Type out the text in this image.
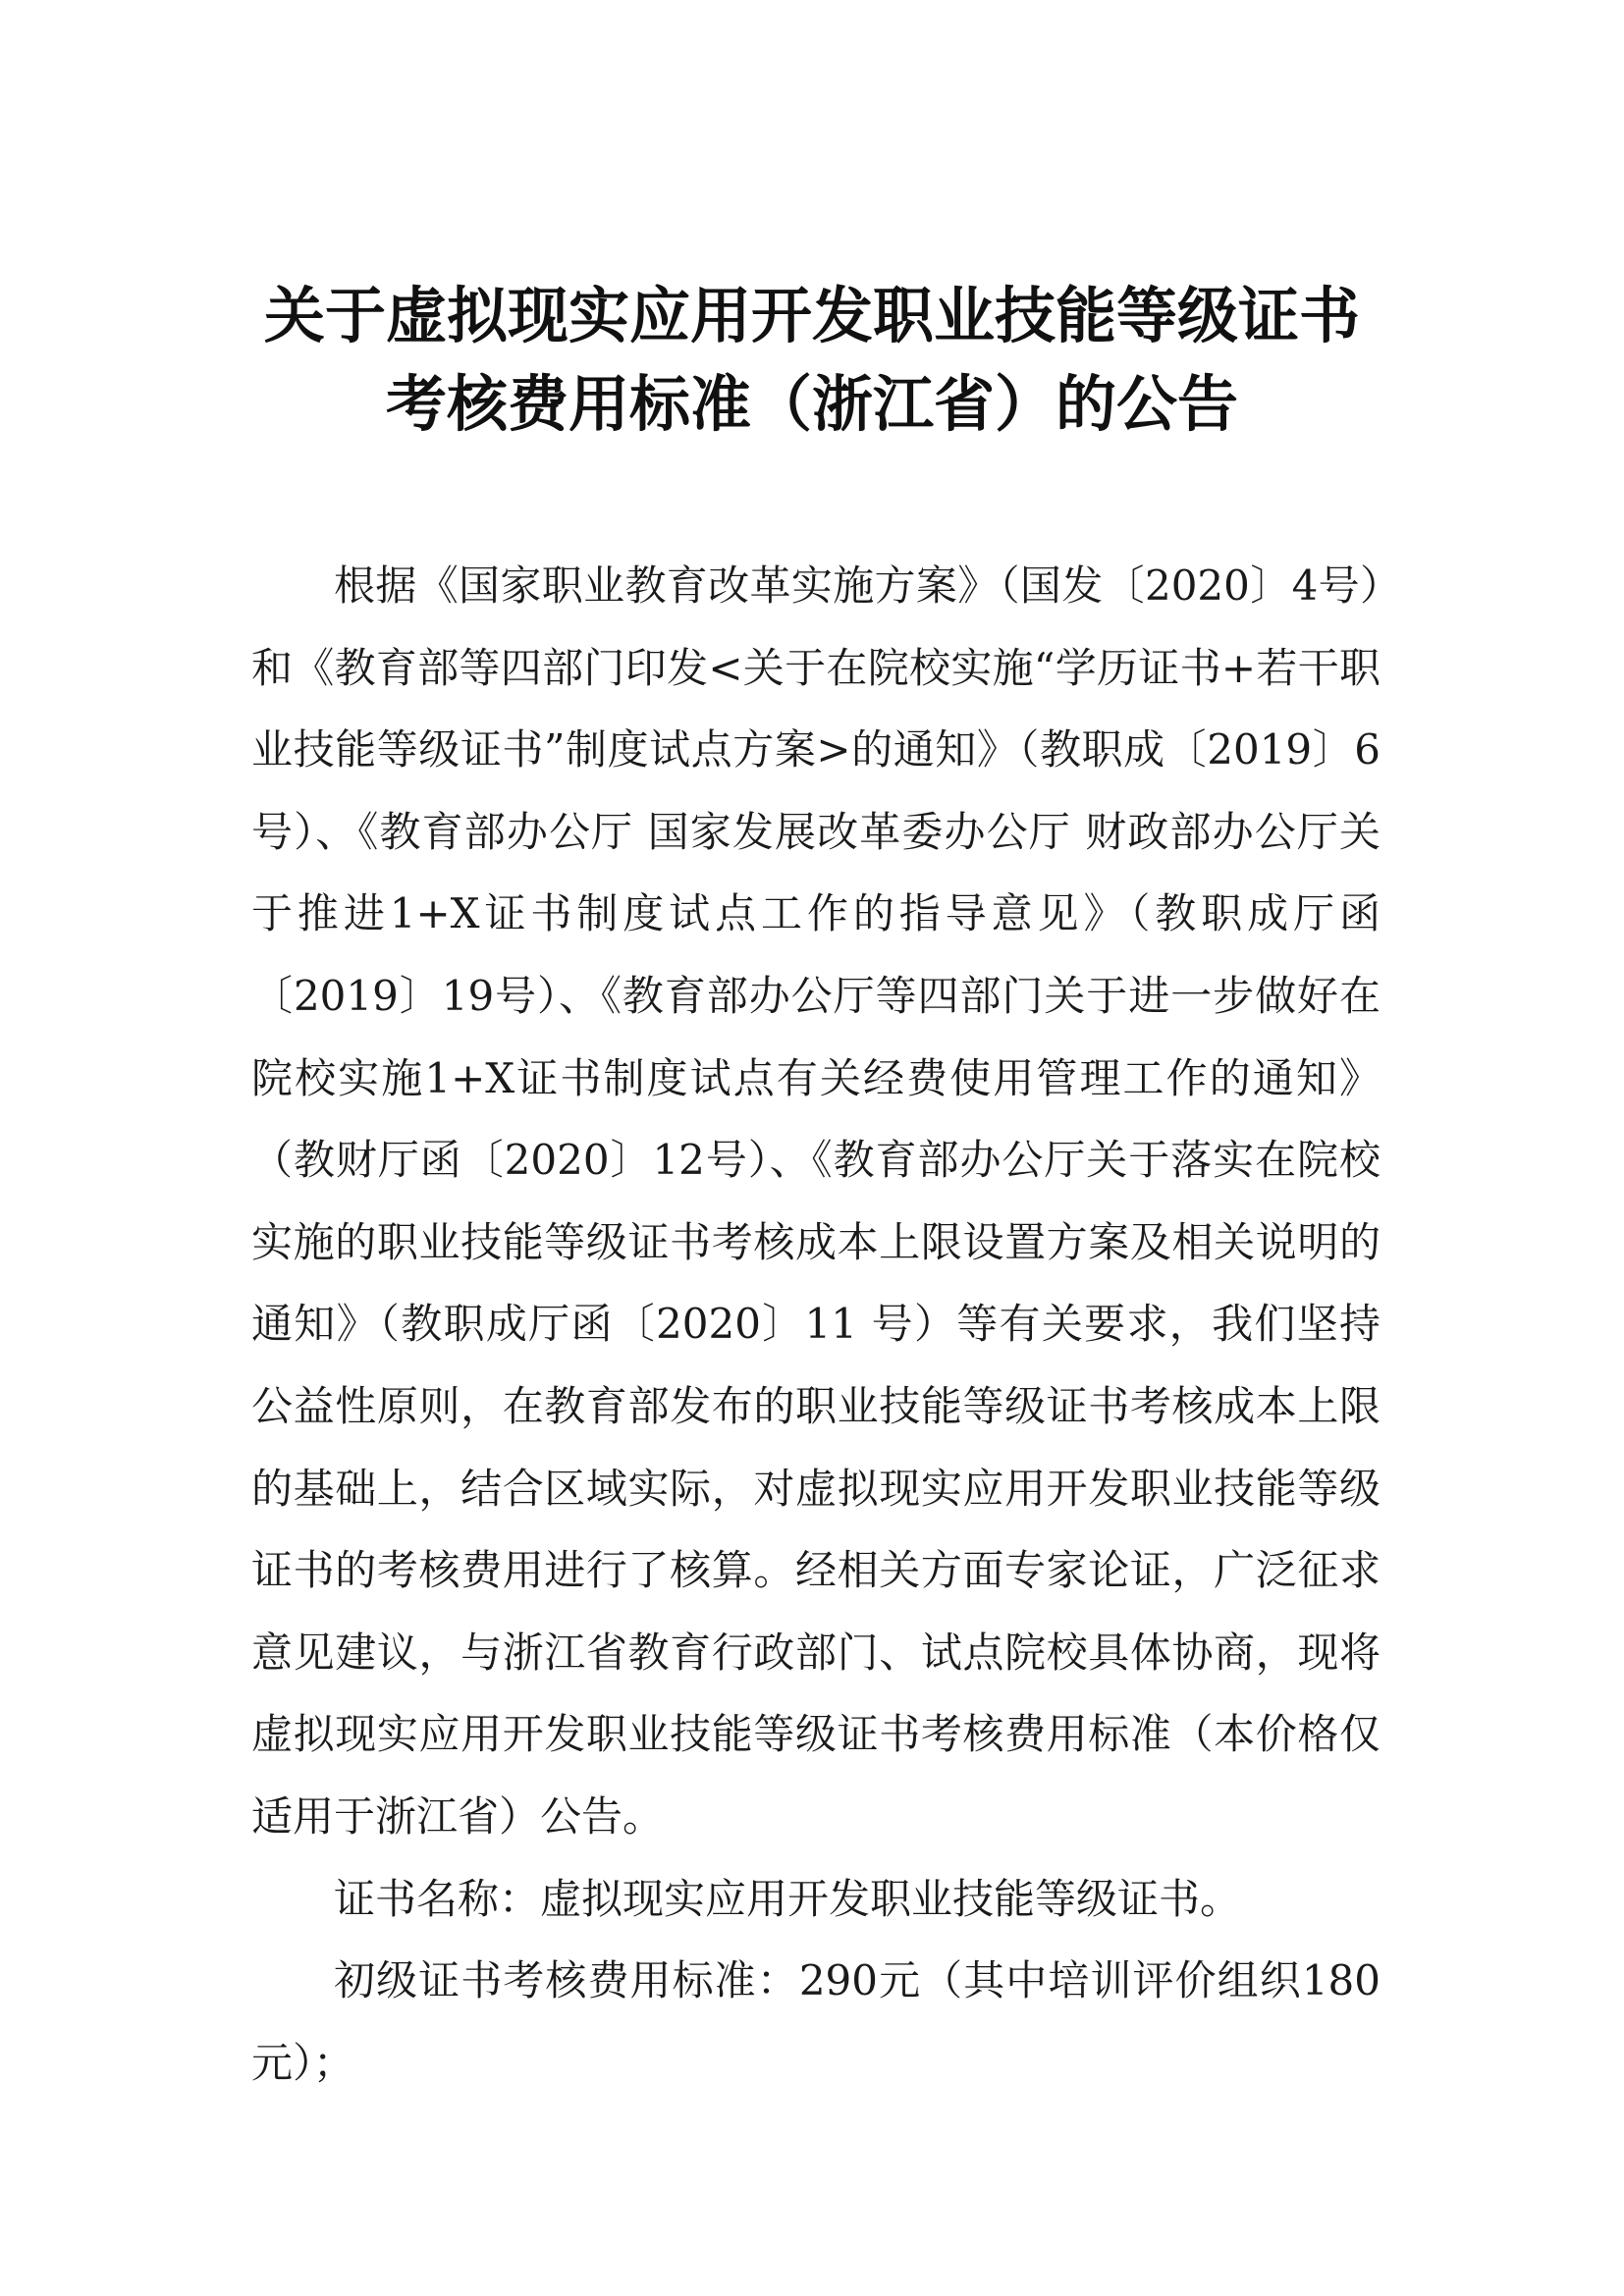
关于虚拟现实应用开发职业技能等级证书
考核费用标准（浙江省）的公告

根据《国家职业教育改革实施方案》（国发〔2020〕4号）和《教育部等四部门印发<关于在院校实施“学历证书+若干职业技能等级证书”制度试点方案>的通知》（教职成〔2019〕6号）、《教育部办公厅 国家发展改革委办公厅 财政部办公厅关于推进1+X证书制度试点工作的指导意见》（教职成厅函〔2019〕19号）、《教育部办公厅等四部门关于进一步做好在院校实施1+X证书制度试点有关经费使用管理工作的通知》（教财厅函〔2020〕12号）、《教育部办公厅关于落实在院校实施的职业技能等级证书考核成本上限设置方案及相关说明的通知》（教职成厅函〔2020〕11 号）等有关要求，我们坚持公益性原则，在教育部发布的职业技能等级证书考核成本上限的基础上，结合区域实际，对虚拟现实应用开发职业技能等级证书的考核费用进行了核算。经相关方面专家论证，广泛征求意见建议，与浙江省教育行政部门、试点院校具体协商，现将虚拟现实应用开发职业技能等级证书考核费用标准（本价格仅适用于浙江省）公告。

证书名称：虚拟现实应用开发职业技能等级证书。

初级证书考核费用标准：290元（其中培训评价组织180元）；
